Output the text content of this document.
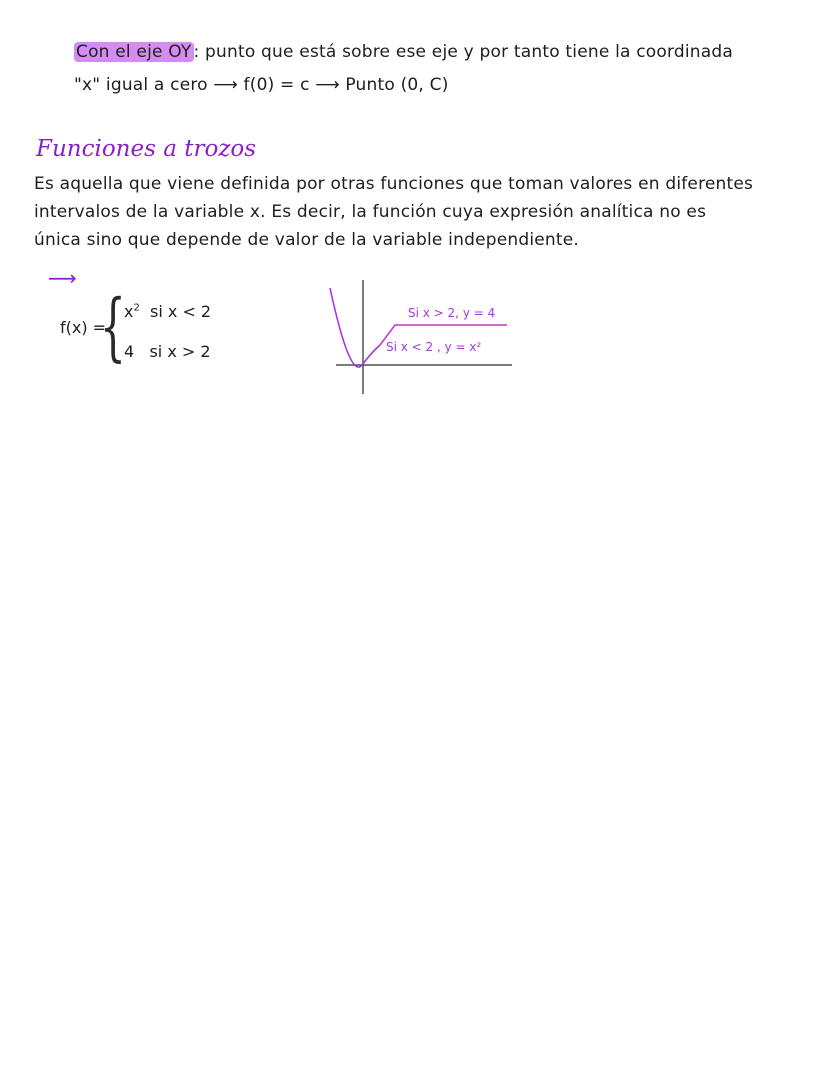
Con el eje OY : punto que está sobre ese eje y por tanto tiene la coordinada
"x" igual a cero ⟶ f(0) = c ⟶ Punto (0, C)
Funciones a trozos
Es aquella que viene definida por otras funciones que toman valores en diferentes
intervalos de la variable x. Es decir, la función cuya expresión analítica no es
única sino que depende de valor de la variable independiente.
⟶
f(x) =
{
$x^2$ si x < 2
4 si x > 2
Si x > 2, y = 4
Si x < 2 , y = x²
